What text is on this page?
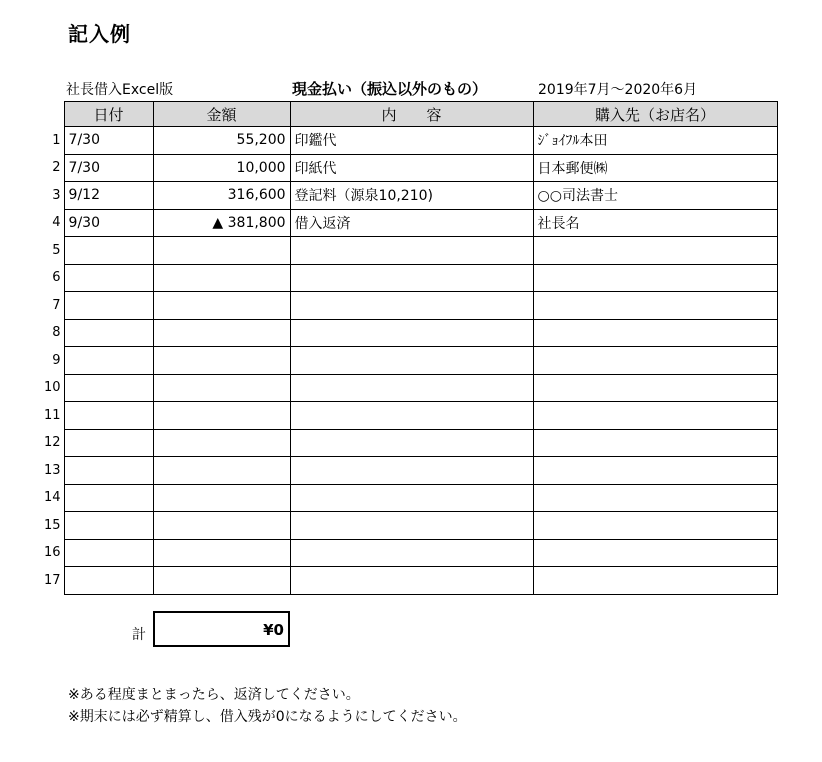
記入例
社長借入Excel版	現金払い（振込以外のもの）	2019年7月～2020年6月
	日付	金額	内　　容	購入先（お店名）
1	7/30	55,200	印鑑代	ｼﾞｮｲﾌﾙ本田
2	7/30	10,000	印紙代	日本郵便㈱
3	9/12	316,600	登記料（源泉10,210)	○○司法書士
4	9/30	▲ 381,800	借入返済	社長名
5				
6				
7				
8				
9				
10				
11				
12				
13				
14				
15				
16				
17				
計	¥0
※ある程度まとまったら、返済してください。
※期末には必ず精算し、借入残が0になるようにしてください。
